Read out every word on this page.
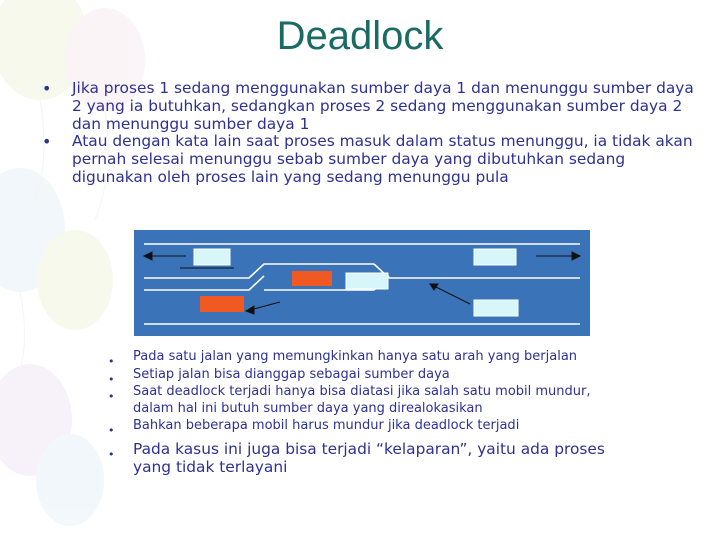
Deadlock
• Jika proses 1 sedang menggunakan sumber daya 1 dan menunggu sumber daya 2 yang ia butuhkan, sedangkan proses 2 sedang menggunakan sumber daya 2 dan menunggu sumber daya 1
• Atau dengan kata lain saat proses masuk dalam status menunggu, ia tidak akan pernah selesai menunggu sebab sumber daya yang dibutuhkan sedang digunakan oleh proses lain yang sedang menunggu pula
• Pada satu jalan yang memungkinkan hanya satu arah yang berjalan
• Setiap jalan bisa dianggap sebagai sumber daya
• Saat deadlock terjadi hanya bisa diatasi jika salah satu mobil mundur, dalam hal ini butuh sumber daya yang direalokasikan
• Bahkan beberapa mobil harus mundur jika deadlock terjadi
• Pada kasus ini juga bisa terjadi “kelaparan”, yaitu ada proses yang tidak terlayani
